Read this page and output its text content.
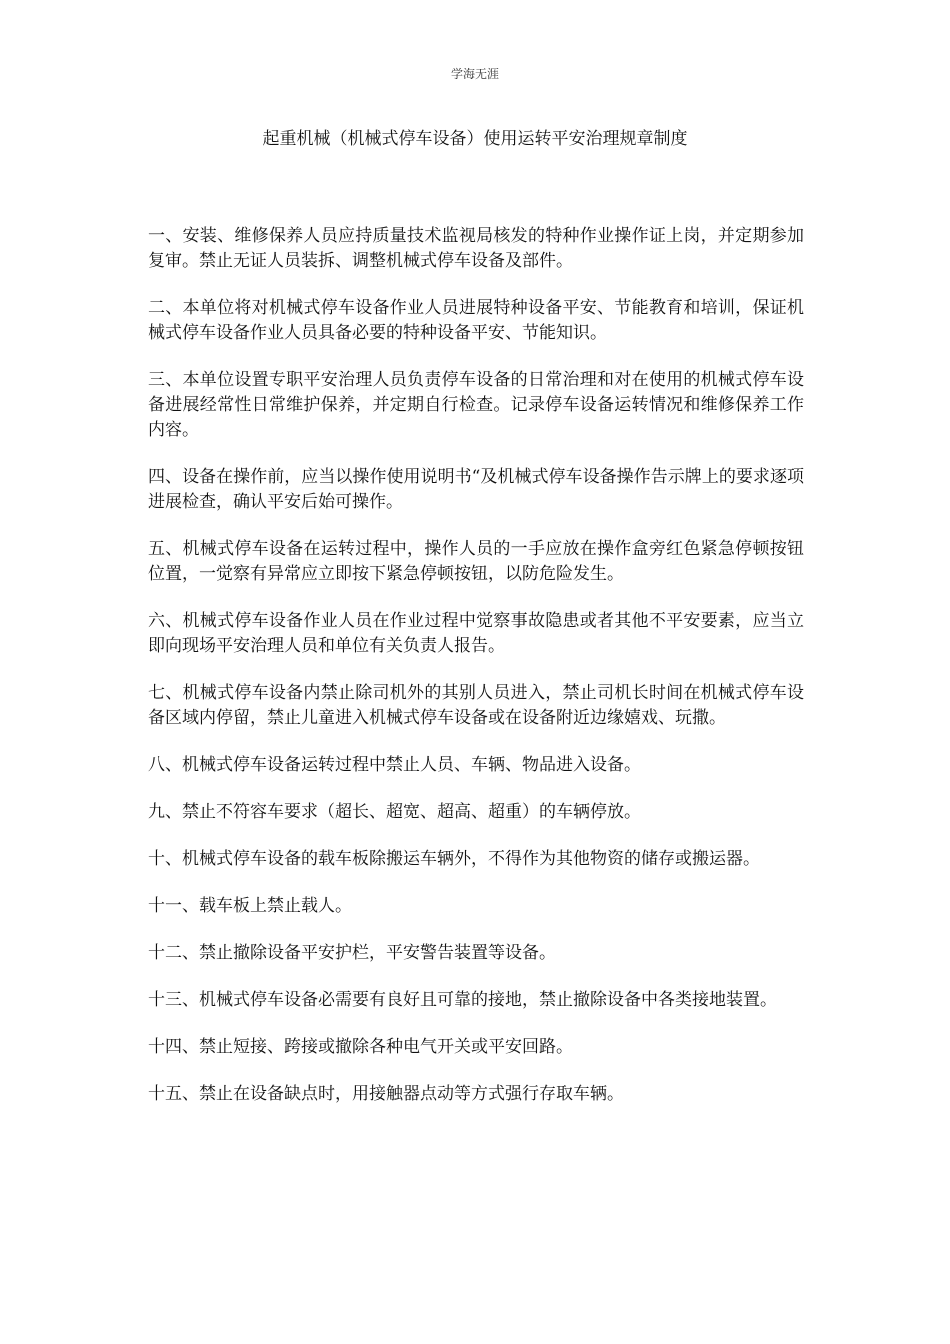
学海无涯
起重机械（机械式停车设备）使用运转平安治理规章制度

一、安装、维修保养人员应持质量技术监视局核发的特种作业操作证上岗，并定期参加复审。禁止无证人员装拆、调整机械式停车设备及部件。

二、本单位将对机械式停车设备作业人员进展特种设备平安、节能教育和培训，保证机械式停车设备作业人员具备必要的特种设备平安、节能知识。

三、本单位设置专职平安治理人员负责停车设备的日常治理和对在使用的机械式停车设备进展经常性日常维护保养，并定期自行检查。记录停车设备运转情况和维修保养工作内容。

四、设备在操作前，应当以操作使用说明书“及机械式停车设备操作告示牌上的要求逐项进展检查，确认平安后始可操作。

五、机械式停车设备在运转过程中，操作人员的一手应放在操作盒旁红色紧急停顿按钮位置，一觉察有异常应立即按下紧急停顿按钮，以防危险发生。

六、机械式停车设备作业人员在作业过程中觉察事故隐患或者其他不平安要素，应当立即向现场平安治理人员和单位有关负责人报告。

七、机械式停车设备内禁止除司机外的其别人员进入，禁止司机长时间在机械式停车设备区域内停留，禁止儿童进入机械式停车设备或在设备附近边缘嬉戏、玩撒。

八、机械式停车设备运转过程中禁止人员、车辆、物品进入设备。

九、禁止不符容车要求（超长、超宽、超高、超重）的车辆停放。

十、机械式停车设备的载车板除搬运车辆外，不得作为其他物资的储存或搬运器。

十一、载车板上禁止载人。

十二、禁止撤除设备平安护栏，平安警告装置等设备。

十三、机械式停车设备必需要有良好且可靠的接地，禁止撤除设备中各类接地装置。

十四、禁止短接、跨接或撤除各种电气开关或平安回路。

十五、禁止在设备缺点时，用接触器点动等方式强行存取车辆。
